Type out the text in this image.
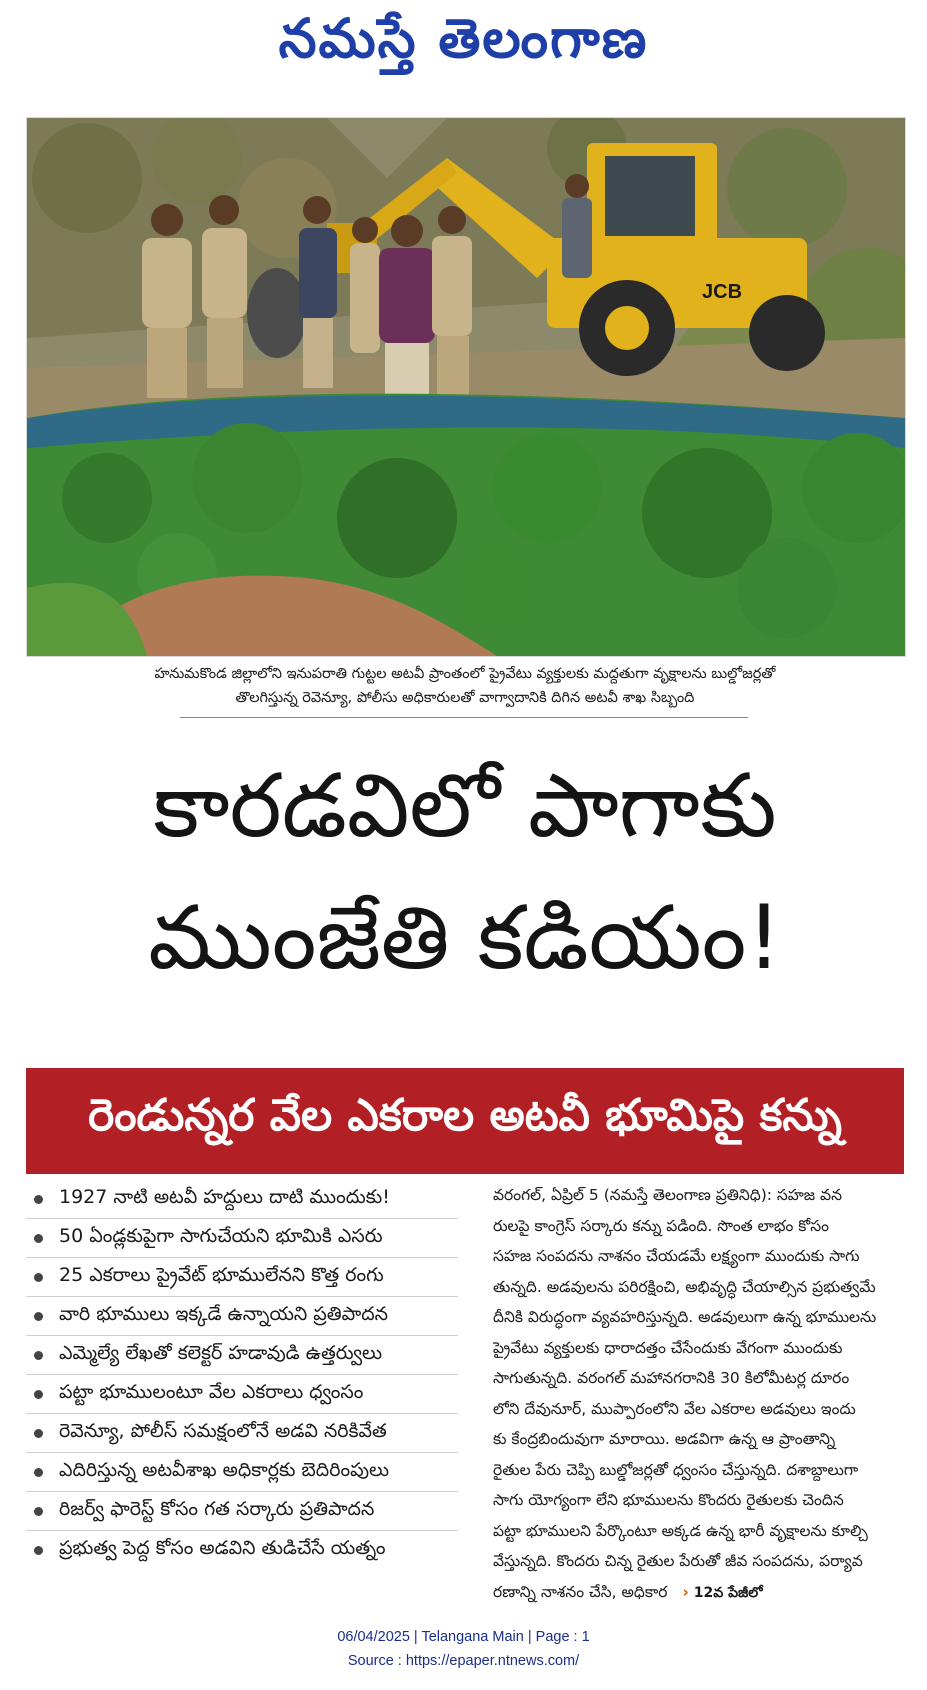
నమస్తే తెలంగాణ
JCB
హనుమకొండ జిల్లాలోని ఇనుపరాతి గుట్టల అటవీ ప్రాంతంలో ప్రైవేటు వ్యక్తులకు మద్దతుగా వృక్షాలను బుల్డోజర్లతో
తొలగిస్తున్న రెవెన్యూ, పోలీసు అధికారులతో వాగ్వాదానికి దిగిన అటవీ శాఖ సిబ్బంది
కారడవిలో పాగాకు
ముంజేతి కడియం!
రెండున్నర వేల ఎకరాల అటవీ భూమిపై కన్ను
1927 నాటి అటవీ హద్దులు దాటి ముందుకు!
50 ఏండ్లకుపైగా సాగుచేయని భూమికి ఎసరు
25 ఎకరాలు ప్రైవేట్ భూములేనని కొత్త రంగు
వారి భూములు ఇక్కడే ఉన్నాయని ప్రతిపాదన
ఎమ్మెల్యే లేఖతో కలెక్టర్ హడావుడి ఉత్తర్వులు
పట్టా భూములంటూ వేల ఎకరాలు ధ్వంసం
రెవెన్యూ, పోలీస్ సమక్షంలోనే అడవి నరికివేత
ఎదిరిస్తున్న అటవీశాఖ అధికార్లకు బెదిరింపులు
రిజర్వ్ ఫారెస్ట్ కోసం గత సర్కారు ప్రతిపాదన
ప్రభుత్వ పెద్ద కోసం అడవిని తుడిచేసే యత్నం
వరంగల్, ఏప్రిల్ 5 (నమస్తే తెలంగాణ ప్రతినిధి): సహజ వన
రులపై కాంగ్రెస్ సర్కారు కన్ను పడింది. సొంత లాభం కోసం
సహజ సంపదను నాశనం చేయడమే లక్ష్యంగా ముందుకు సాగు
తున్నది. అడవులను పరిరక్షించి, అభివృద్ధి చేయాల్సిన ప్రభుత్వమే
దీనికి విరుద్ధంగా వ్యవహరిస్తున్నది. అడవులుగా ఉన్న భూములను
ప్రైవేటు వ్యక్తులకు ధారాదత్తం చేసేందుకు వేగంగా ముందుకు
సాగుతున్నది. వరంగల్ మహానగరానికి 30 కిలోమీటర్ల దూరం
లోని దేవునూర్, ముప్పారంలోని వేల ఎకరాల అడవులు ఇందు
కు కేంద్రబిందువుగా మారాయి. అడవిగా ఉన్న ఆ ప్రాంతాన్ని
రైతుల పేరు చెప్పి బుల్డోజర్లతో ధ్వంసం చేస్తున్నది. దశాబ్దాలుగా
సాగు యోగ్యంగా లేని భూములను కొందరు రైతులకు చెందిన
పట్టా భూములని పేర్కొంటూ అక్కడ ఉన్న భారీ వృక్షాలను కూల్చి
వేస్తున్నది. కొందరు చిన్న రైతుల పేరుతో జీవ సంపదను, పర్యావ
రణాన్ని నాశనం చేసి, అధికార › 12వ పేజీలో
06/04/2025 | Telangana Main | Page : 1
Source : https://epaper.ntnews.com/
